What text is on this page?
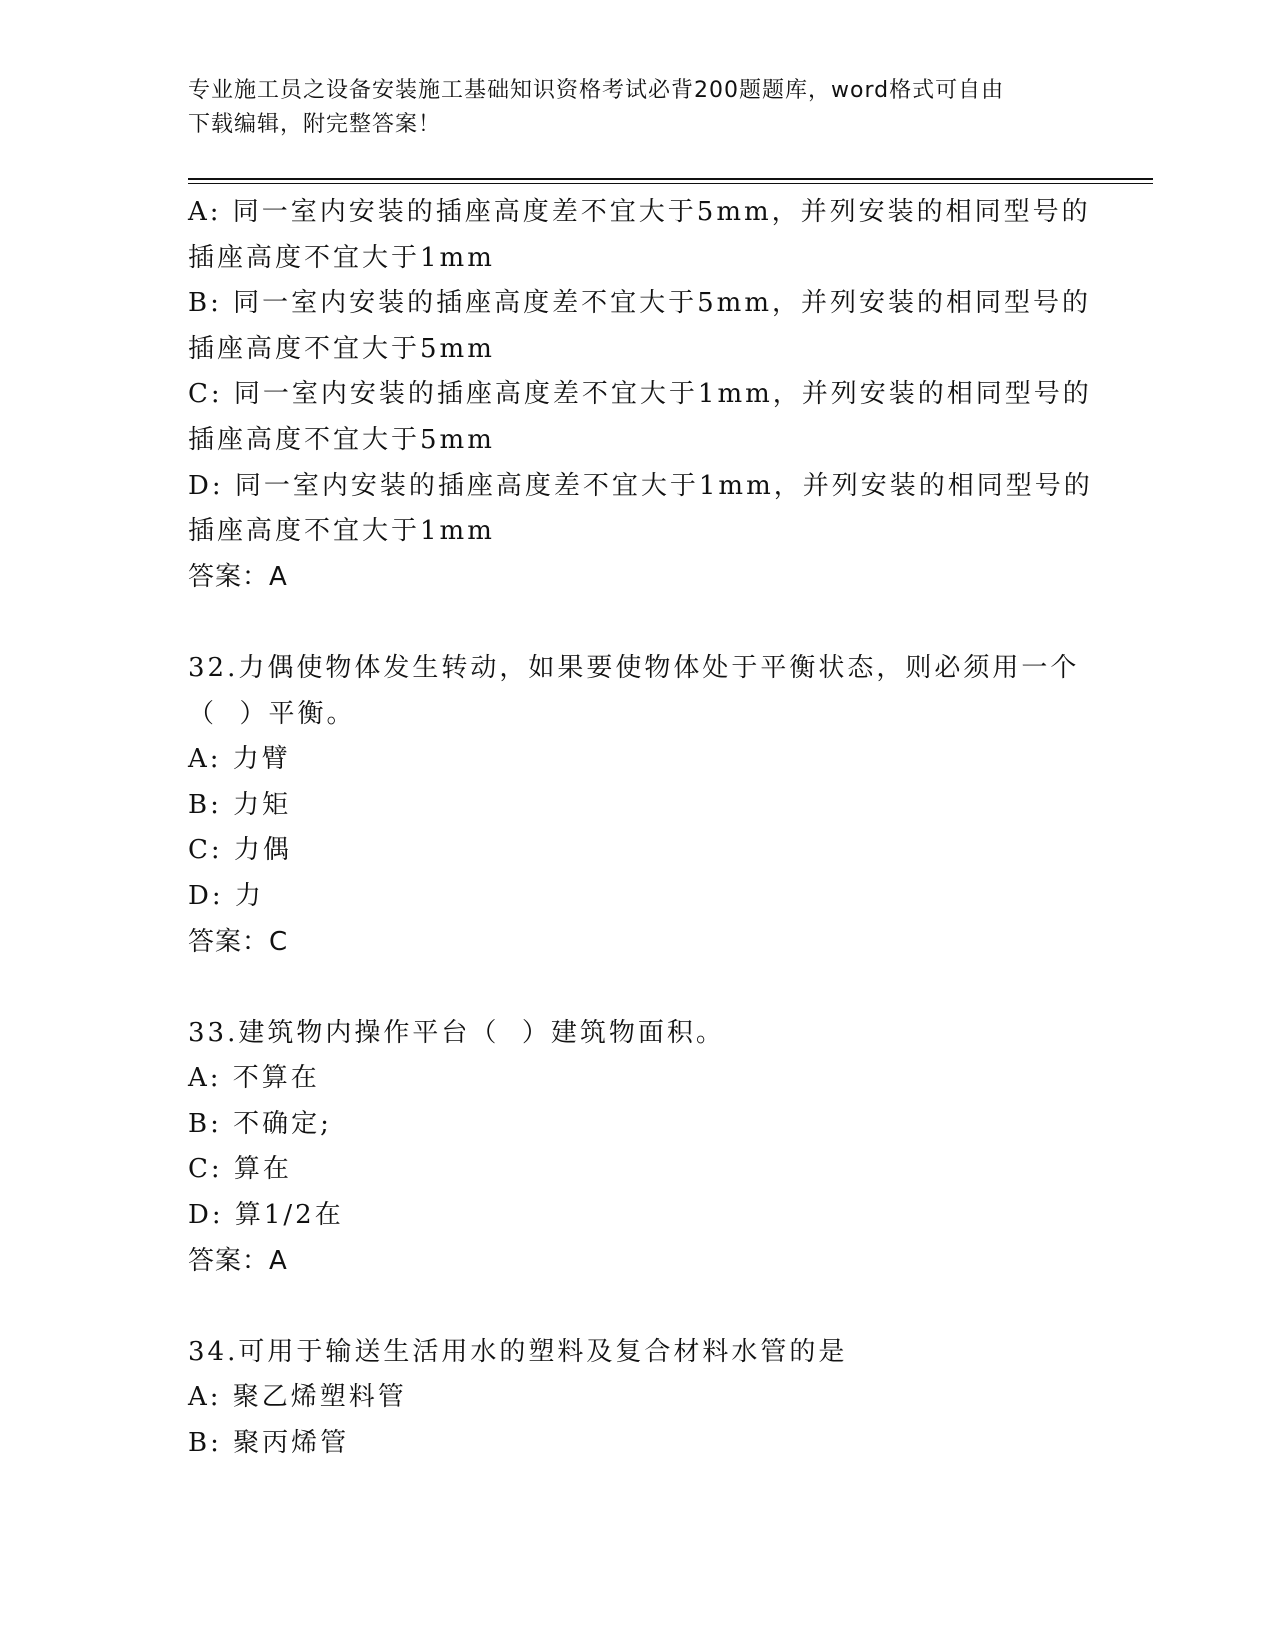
专业施工员之设备安装施工基础知识资格考试必背200题题库，word格式可自由
下载编辑，附完整答案！
A: 同一室内安装的插座高度差不宜大于5mm，并列安装的相同型号的
插座高度不宜大于1mm
B: 同一室内安装的插座高度差不宜大于5mm，并列安装的相同型号的
插座高度不宜大于5mm
C: 同一室内安装的插座高度差不宜大于1mm，并列安装的相同型号的
插座高度不宜大于5mm
D: 同一室内安装的插座高度差不宜大于1mm，并列安装的相同型号的
插座高度不宜大于1mm
答案：A
32.力偶使物体发生转动，如果要使物体处于平衡状态，则必须用一个
（  ）平衡。
A: 力臂
B: 力矩
C: 力偶
D: 力
答案：C
33.建筑物内操作平台（  ）建筑物面积。
A: 不算在
B: 不确定;
C: 算在
D: 算1/2在
答案：A
34.可用于输送生活用水的塑料及复合材料水管的是
A: 聚乙烯塑料管
B: 聚丙烯管
